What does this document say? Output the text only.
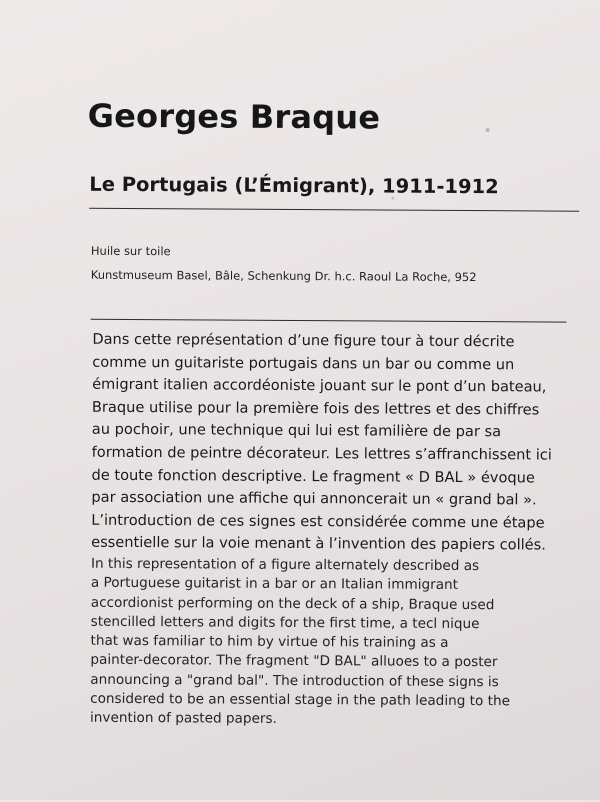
Georges Braque
Le Portugais (L’Émigrant), 1911-1912
Huile sur toile
Kunstmuseum Basel, Bâle, Schenkung Dr. h.c. Raoul La Roche, 952

Dans cette représentation d’une figure tour à tour décrite
comme un guitariste portugais dans un bar ou comme un
émigrant italien accordéoniste jouant sur le pont d’un bateau,
Braque utilise pour la première fois des lettres et des chiffres
au pochoir, une technique qui lui est familière de par sa
formation de peintre décorateur. Les lettres s’affranchissent ici
de toute fonction descriptive. Le fragment « D BAL » évoque
par association une affiche qui annoncerait un « grand bal ».
L’introduction de ces signes est considérée comme une étape
essentielle sur la voie menant à l’invention des papiers collés.

In this representation of a figure alternately described as
a Portuguese guitarist in a bar or an Italian immigrant
accordionist performing on the deck of a ship, Braque used
stencilled letters and digits for the first time, a tecl nique
that was familiar to him by virtue of his training as a
painter-decorator. The fragment "D BAL" alluoes to a poster
announcing a "grand bal". The introduction of these signs is
considered to be an essential stage in the path leading to the
invention of pasted papers.
